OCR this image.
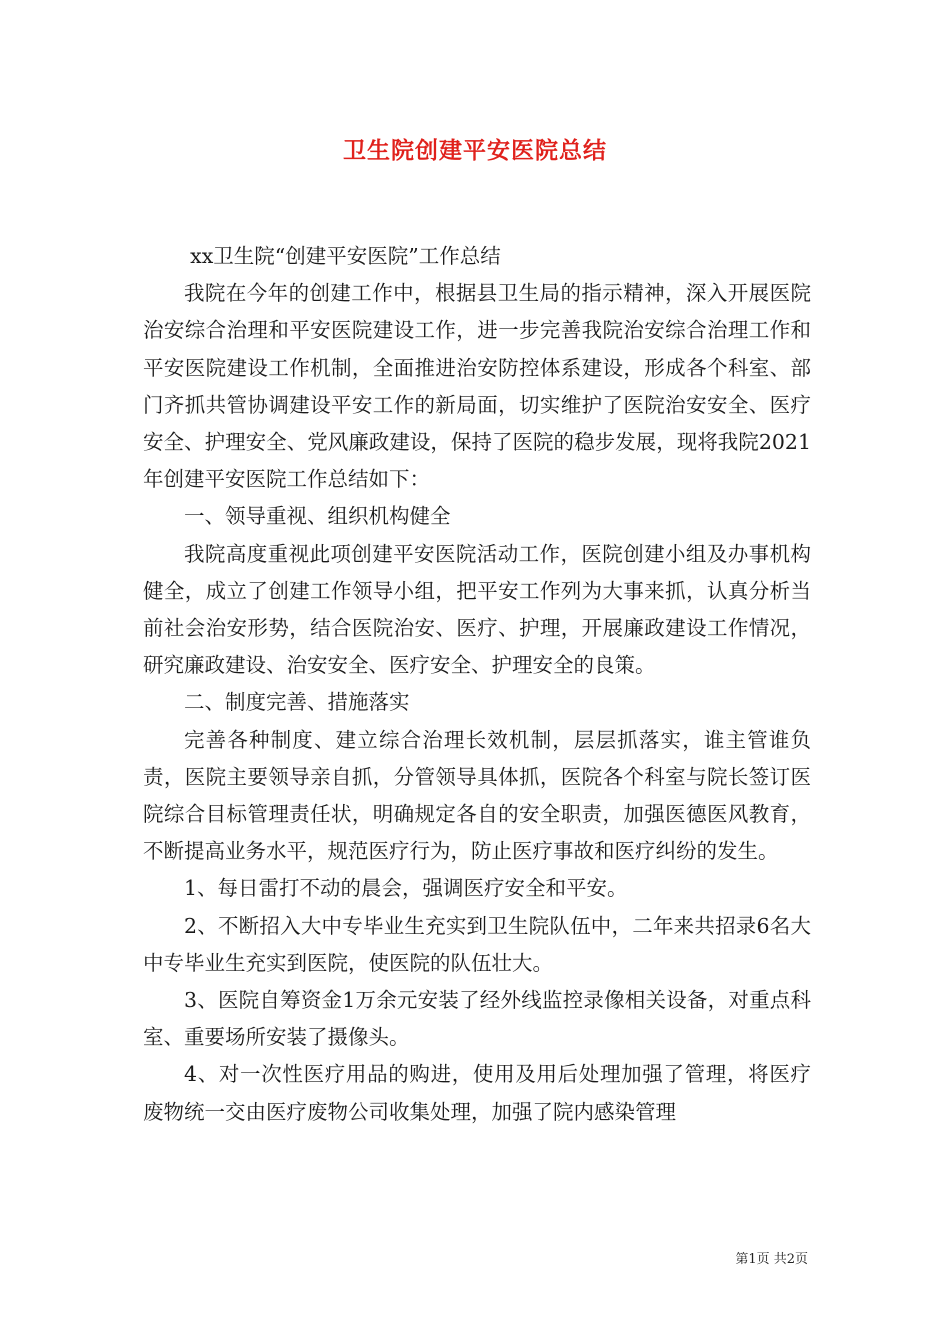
卫生院创建平安医院总结

xx卫生院“创建平安医院”工作总结

我院在今年的创建工作中，根据县卫生局的指示精神，深入开展医院治安综合治理和平安医院建设工作，进一步完善我院治安综合治理工作和平安医院建设工作机制，全面推进治安防控体系建设，形成各个科室、部门齐抓共管协调建设平安工作的新局面，切实维护了医院治安安全、医疗安全、护理安全、党风廉政建设，保持了医院的稳步发展，现将我院2021年创建平安医院工作总结如下：

一、领导重视、组织机构健全

我院高度重视此项创建平安医院活动工作，医院创建小组及办事机构健全，成立了创建工作领导小组，把平安工作列为大事来抓，认真分析当前社会治安形势，结合医院治安、医疗、护理，开展廉政建设工作情况，研究廉政建设、治安安全、医疗安全、护理安全的良策。

二、制度完善、措施落实

完善各种制度、建立综合治理长效机制，层层抓落实，谁主管谁负责，医院主要领导亲自抓，分管领导具体抓，医院各个科室与院长签订医院综合目标管理责任状，明确规定各自的安全职责，加强医德医风教育，不断提高业务水平，规范医疗行为，防止医疗事故和医疗纠纷的发生。

1、每日雷打不动的晨会，强调医疗安全和平安。

2、不断招入大中专毕业生充实到卫生院队伍中，二年来共招录6名大中专毕业生充实到医院，使医院的队伍壮大。

3、医院自筹资金1万余元安装了经外线监控录像相关设备，对重点科室、重要场所安装了摄像头。

4、对一次性医疗用品的购进，使用及用后处理加强了管理，将医疗废物统一交由医疗废物公司收集处理，加强了院内感染管理

第1页 共2页
